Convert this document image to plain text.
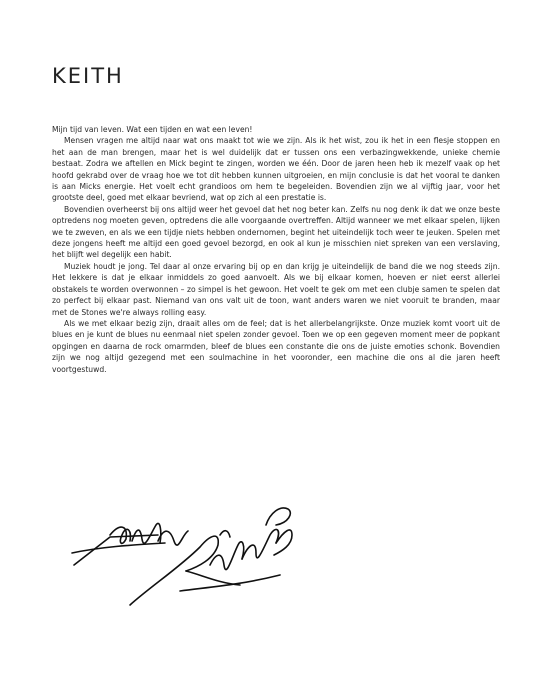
KEITH

Mijn tijd van leven. Wat een tijden en wat een leven!

Mensen vragen me altijd naar wat ons maakt tot wie we zijn. Als ik het wist, zou ik het in een flesje stoppen en het aan de man brengen, maar het is wel duidelijk dat er tussen ons een verbazingwekkende, unieke chemie bestaat. Zodra we aftellen en Mick begint te zingen, worden we één. Door de jaren heen heb ik mezelf vaak op het hoofd gekrabd over de vraag hoe we tot dit hebben kunnen uitgroeien, en mijn conclusie is dat het vooral te danken is aan Micks energie. Het voelt echt grandioos om hem te begeleiden. Bovendien zijn we al vijftig jaar, voor het grootste deel, goed met elkaar bevriend, wat op zich al een prestatie is.

Bovendien overheerst bij ons altijd weer het gevoel dat het nog beter kan. Zelfs nu nog denk ik dat we onze beste optredens nog moeten geven, optredens die alle voorgaande overtreffen. Altijd wanneer we met elkaar spelen, lijken we te zweven, en als we een tijdje niets hebben ondernomen, begint het uiteindelijk toch weer te jeuken. Spelen met deze jongens heeft me altijd een goed gevoel bezorgd, en ook al kun je misschien niet spreken van een verslaving, het blijft wel degelijk een habit.

Muziek houdt je jong. Tel daar al onze ervaring bij op en dan krijg je uiteindelijk de band die we nog steeds zijn. Het lekkere is dat je elkaar inmiddels zo goed aanvoelt. Als we bij elkaar komen, hoeven er niet eerst allerlei obstakels te worden overwonnen – zo simpel is het gewoon. Het voelt te gek om met een clubje samen te spelen dat zo perfect bij elkaar past. Niemand van ons valt uit de toon, want anders waren we niet vooruit te branden, maar met de Stones we're always rolling easy.

Als we met elkaar bezig zijn, draait alles om de feel; dat is het allerbelangrijkste. Onze muziek komt voort uit de blues en je kunt de blues nu eenmaal niet spelen zonder gevoel. Toen we op een gegeven moment meer de popkant opgingen en daarna de rock omarmden, bleef de blues een constante die ons de juiste emoties schonk. Bovendien zijn we nog altijd gezegend met een soulmachine in het vooronder, een machine die ons al die jaren heeft voortgestuwd.
